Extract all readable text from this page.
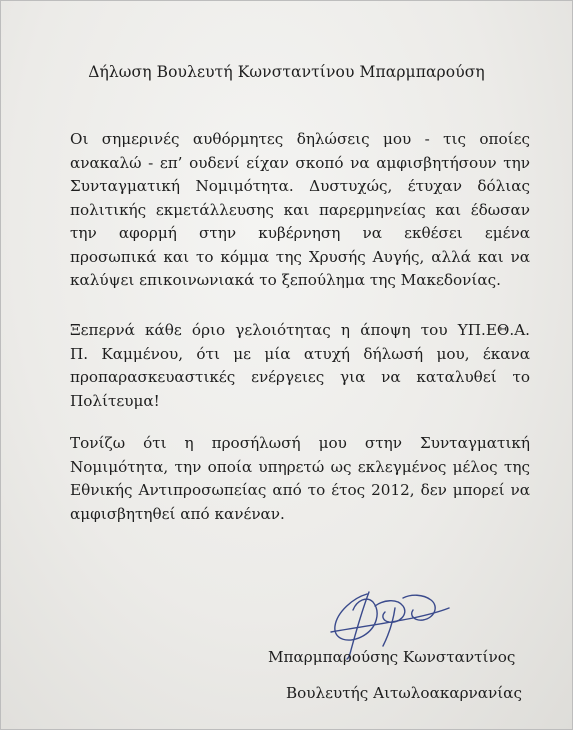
Δήλωση Βουλευτή Κωνσταντίνου Μπαρμπαρούση

Οι σημερινές αυθόρμητες δηλώσεις μου - τις οποίες
ανακαλώ - επ’ ουδενί είχαν σκοπό να αμφισβητήσουν την
Συνταγματική Νομιμότητα. Δυστυχώς, έτυχαν δόλιας
πολιτικής εκμετάλλευσης και παρερμηνείας και έδωσαν
την αφορμή στην κυβέρνηση να εκθέσει εμένα
προσωπικά και το κόμμα της Χρυσής Αυγής, αλλά και να
καλύψει επικοινωνιακά το ξεπούλημα της Μακεδονίας.

Ξεπερνά κάθε όριο γελοιότητας η άποψη του ΥΠ.ΕΘ.Α.
Π. Καμμένου, ότι με μία ατυχή δήλωσή μου, έκανα
προπαρασκευαστικές ενέργειες για να καταλυθεί το
Πολίτευμα!

Τονίζω ότι η προσήλωσή μου στην Συνταγματική
Νομιμότητα, την οποία υπηρετώ ως εκλεγμένος μέλος της
Εθνικής Αντιπροσωπείας από το έτος 2012, δεν μπορεί να
αμφισβητηθεί από κανέναν.

Μπαρμπαρούσης Κωνσταντίνος
Βουλευτής Αιτωλοακαρνανίας
